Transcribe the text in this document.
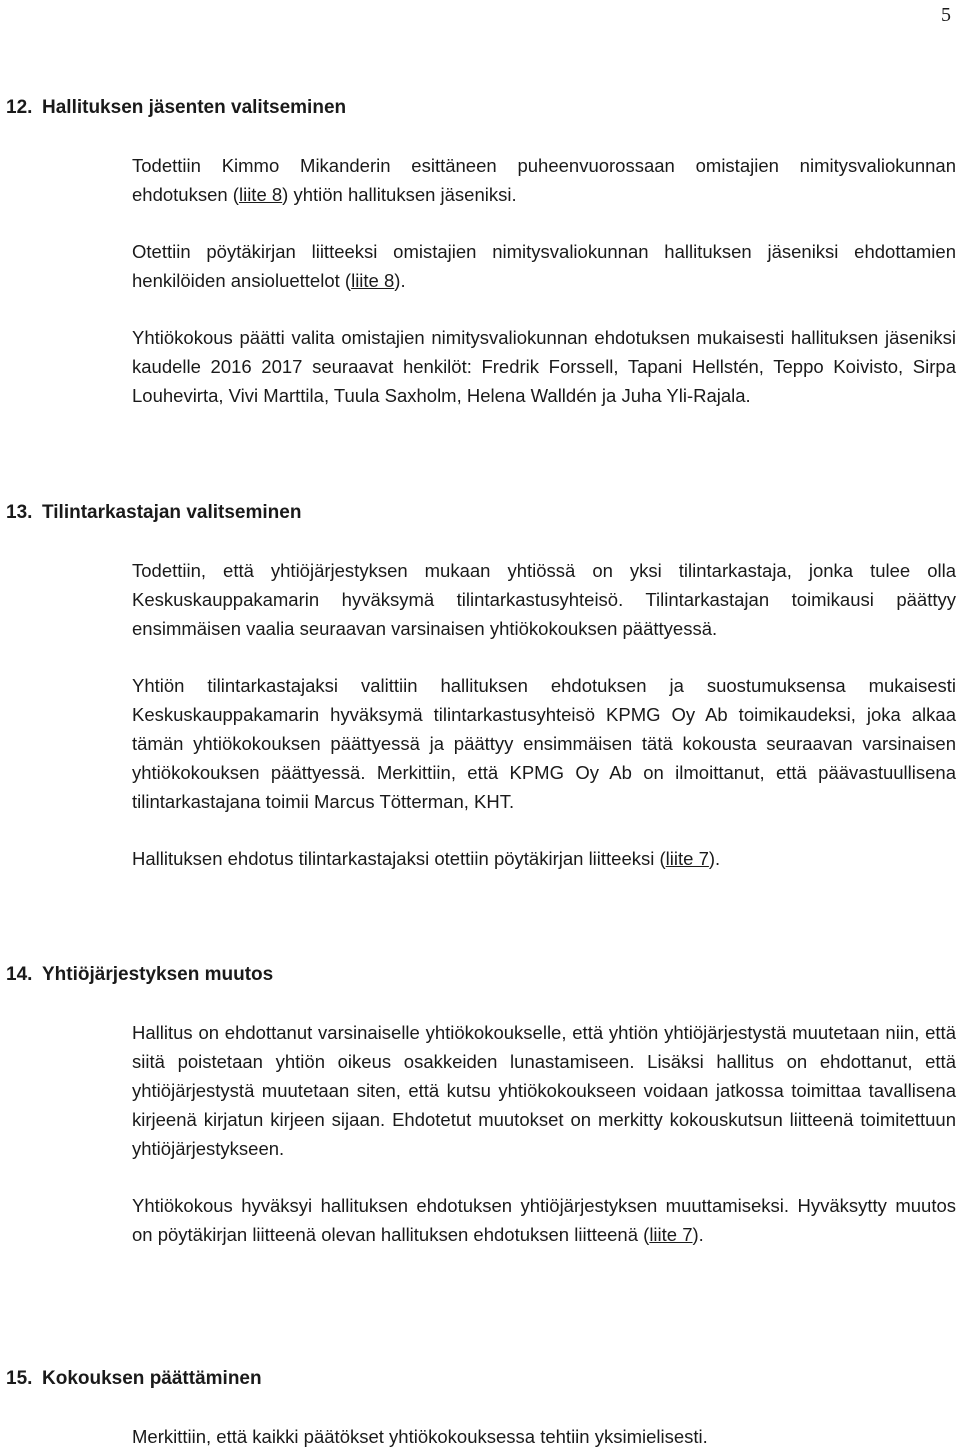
5
12. Hallituksen jäsenten valitseminen

Todettiin Kimmo Mikanderin esittäneen puheenvuorossaan omistajien nimitysvaliokunnan ehdotuksen (liite 8) yhtiön hallituksen jäseniksi.

Otettiin pöytäkirjan liitteeksi omistajien nimitysvaliokunnan hallituksen jäseniksi ehdottamien henkilöiden ansioluettelot (liite 8).

Yhtiökokous päätti valita omistajien nimitysvaliokunnan ehdotuksen mukaisesti hallituksen jäseniksi kaudelle 2016 2017 seuraavat henkilöt: Fredrik Forssell, Tapani Hellstén, Teppo Koivisto, Sirpa Louhevirta, Vivi Marttila, Tuula Saxholm, Helena Walldén ja Juha Yli-Rajala.

13. Tilintarkastajan valitseminen

Todettiin, että yhtiöjärjestyksen mukaan yhtiössä on yksi tilintarkastaja, jonka tulee olla Keskuskauppakamarin hyväksymä tilintarkastusyhteisö. Tilintarkastajan toimikausi päättyy ensimmäisen vaalia seuraavan varsinaisen yhtiökokouksen päättyessä.

Yhtiön tilintarkastajaksi valittiin hallituksen ehdotuksen ja suostumuksensa mukaisesti Keskuskauppakamarin hyväksymä tilintarkastusyhteisö KPMG Oy Ab toimikaudeksi, joka alkaa tämän yhtiökokouksen päättyessä ja päättyy ensimmäisen tätä kokousta seuraavan varsinaisen yhtiökokouksen päättyessä. Merkittiin, että KPMG Oy Ab on ilmoittanut, että päävastuullisena tilintarkastajana toimii Marcus Tötterman, KHT.

Hallituksen ehdotus tilintarkastajaksi otettiin pöytäkirjan liitteeksi (liite 7).

14. Yhtiöjärjestyksen muutos

Hallitus on ehdottanut varsinaiselle yhtiökokoukselle, että yhtiön yhtiöjärjestystä muutetaan niin, että siitä poistetaan yhtiön oikeus osakkeiden lunastamiseen. Lisäksi hallitus on ehdottanut, että yhtiöjärjestystä muutetaan siten, että kutsu yhtiökokoukseen voidaan jatkossa toimittaa tavallisena kirjeenä kirjatun kirjeen sijaan. Ehdotetut muutokset on merkitty kokouskutsun liitteenä toimitettuun yhtiöjärjestykseen.

Yhtiökokous hyväksyi hallituksen ehdotuksen yhtiöjärjestyksen muuttamiseksi. Hyväksytty muutos on pöytäkirjan liitteenä olevan hallituksen ehdotuksen liitteenä (liite 7).

15. Kokouksen päättäminen

Merkittiin, että kaikki päätökset yhtiökokouksessa tehtiin yksimielisesti.
